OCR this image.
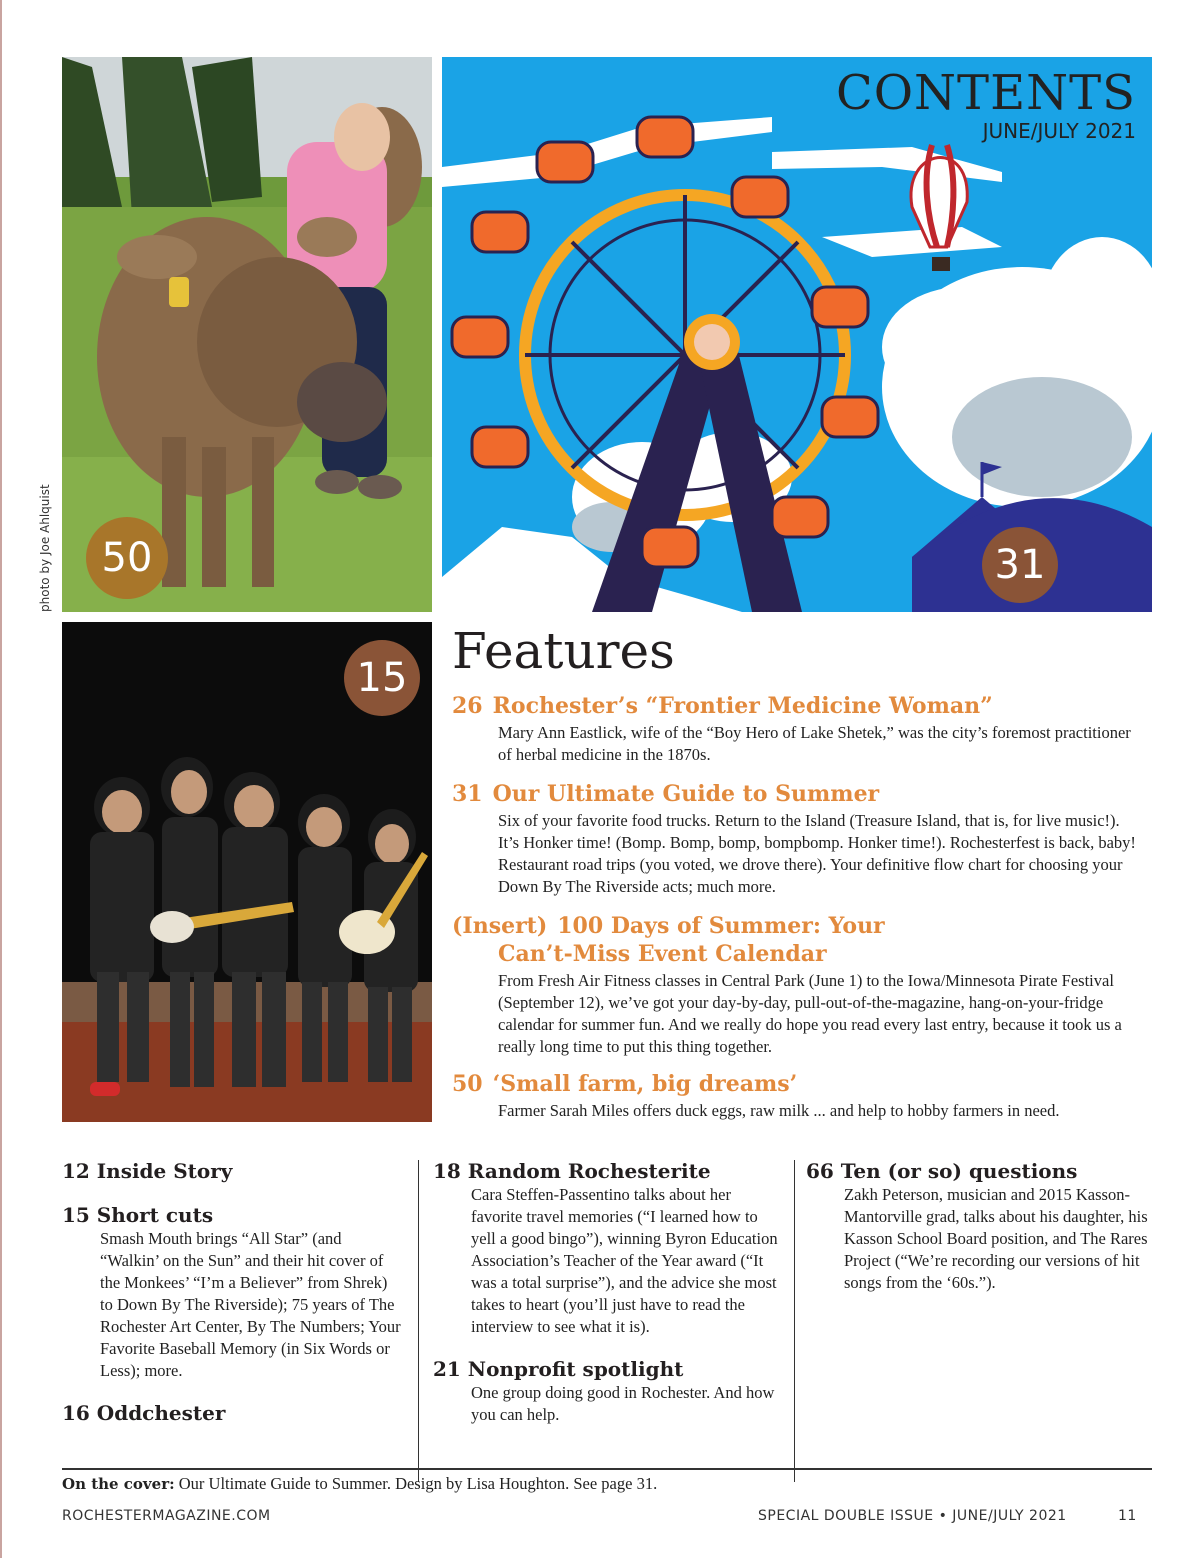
50
photo by Joe Ahlquist
CONTENTS
JUNE/JULY 2021
31
15 Features
26 Rochester’s “Frontier Medicine Woman”
Mary Ann Eastlick, wife of the “Boy Hero of Lake Shetek,” was the city’s foremost practitioner of herbal medicine in the 1870s.
31 Our Ultimate Guide to Summer
Six of your favorite food trucks. Return to the Island (Treasure Island, that is, for live music!). It’s Honker time! (Bomp. Bomp, bomp, bompbomp. Honker time!). Rochesterfest is back, baby! Restaurant road trips (you voted, we drove there). Your definitive flow chart for choosing your Down By The Riverside acts; much more.
(Insert) 100 Days of Summer: Your
Can’t-Miss Event Calendar
From Fresh Air Fitness classes in Central Park (June 1) to the Iowa/Minnesota Pirate Festival (September 12), we’ve got your day-by-day, pull-out-of-the-magazine, hang-on-your-fridge calendar for summer fun. And we really do hope you read every last entry, because it took us a really long time to put this thing together.
50 ‘Small farm, big dreams’
Farmer Sarah Miles offers duck eggs, raw milk ... and help to hobby farmers in need.
12 Inside Story
15 Short cuts
Smash Mouth brings “All Star” (and “Walkin’ on the Sun” and their hit cover of the Monkees’ “I’m a Believer” from Shrek) to Down By The Riverside); 75 years of The Rochester Art Center, By The Numbers; Your Favorite Baseball Memory (in Six Words or Less); more.
16 Oddchester
18 Random Rochesterite
Cara Steffen-Passentino talks about her favorite travel memories (“I learned how to yell a good bingo”), winning Byron Education Association’s Teacher of the Year award (“It was a total surprise”), and the advice she most takes to heart (you’ll just have to read the interview to see what it is).
21 Nonprofit spotlight
One group doing good in Rochester. And how you can help.
66 Ten (or so) questions
Zakh Peterson, musician and 2015 Kasson-Mantorville grad, talks about his daughter, his Kasson School Board position, and The Rares Project (“We’re recording our versions of hit songs from the ‘60s.”).
On the cover: Our Ultimate Guide to Summer. Design by Lisa Houghton. See page 31.
ROCHESTERMAGAZINE.COM	SPECIAL DOUBLE ISSUE • JUNE/JULY 2021	11
